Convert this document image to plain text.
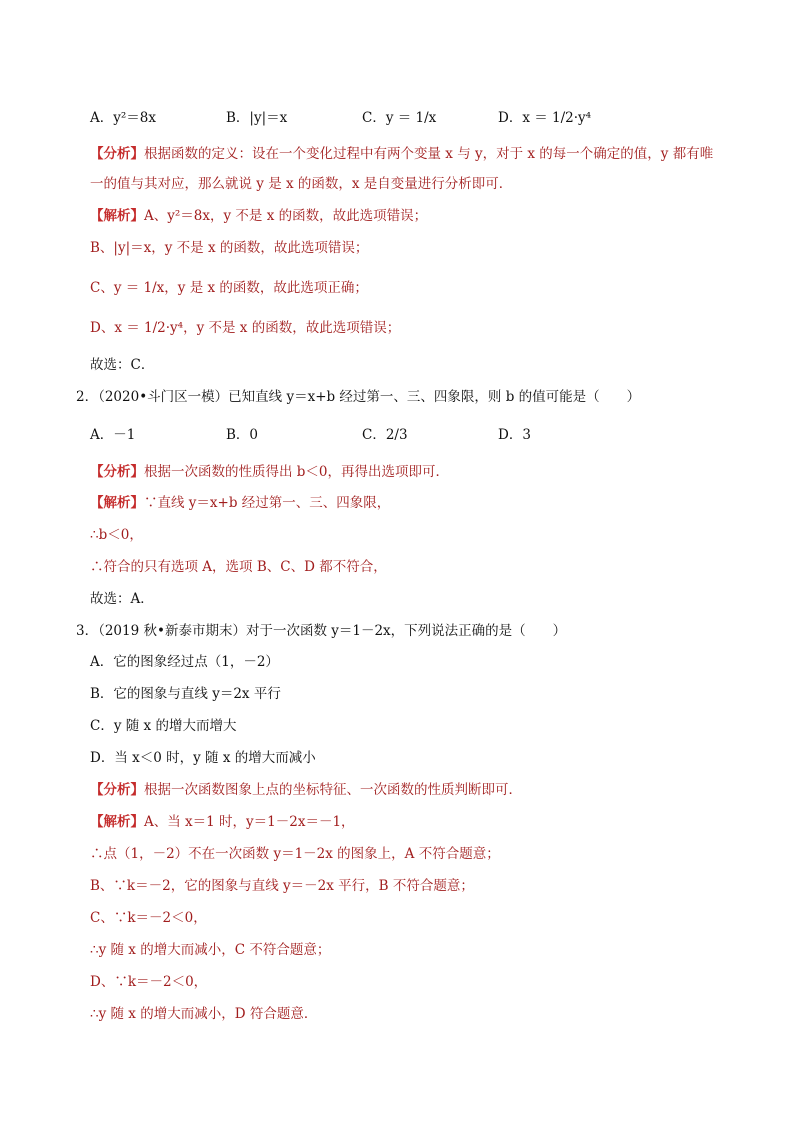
A．y²＝8x	B．|y|＝x	C．y ＝ 1/x	D．x ＝ 1/2·y⁴
【分析】根据函数的定义：设在一个变化过程中有两个变量 x 与 y，对于 x 的每一个确定的值，y 都有唯
一的值与其对应，那么就说 y 是 x 的函数，x 是自变量进行分析即可．
【解析】A、y²＝8x，y 不是 x 的函数，故此选项错误；
B、|y|＝x，y 不是 x 的函数，故此选项错误；
C、y ＝ 1/x，y 是 x 的函数，故此选项正确；
D、x ＝ 1/2·y⁴，y 不是 x 的函数，故此选项错误；
故选：C．
2．（2020•斗门区一模）已知直线 y＝x+b 经过第一、三、四象限，则 b 的值可能是（　　）
A．－1	B．0	C．2/3	D．3
【分析】根据一次函数的性质得出 b＜0，再得出选项即可．
【解析】∵直线 y＝x+b 经过第一、三、四象限，
∴b＜0，
∴符合的只有选项 A，选项 B、C、D 都不符合，
故选：A．
3．（2019 秋•新泰市期末）对于一次函数 y＝1－2x，下列说法正确的是（　　）
A．它的图象经过点（1，－2）
B．它的图象与直线 y＝2x 平行
C．y 随 x 的增大而增大
D．当 x＜0 时，y 随 x 的增大而减小
【分析】根据一次函数图象上点的坐标特征、一次函数的性质判断即可．
【解析】A、当 x＝1 时，y＝1－2x＝－1，
∴点（1，－2）不在一次函数 y＝1－2x 的图象上，A 不符合题意；
B、∵k＝－2，它的图象与直线 y＝－2x 平行，B 不符合题意；
C、∵k＝－2＜0，
∴y 随 x 的增大而减小，C 不符合题意；
D、∵k＝－2＜0，
∴y 随 x 的增大而减小，D 符合题意．
